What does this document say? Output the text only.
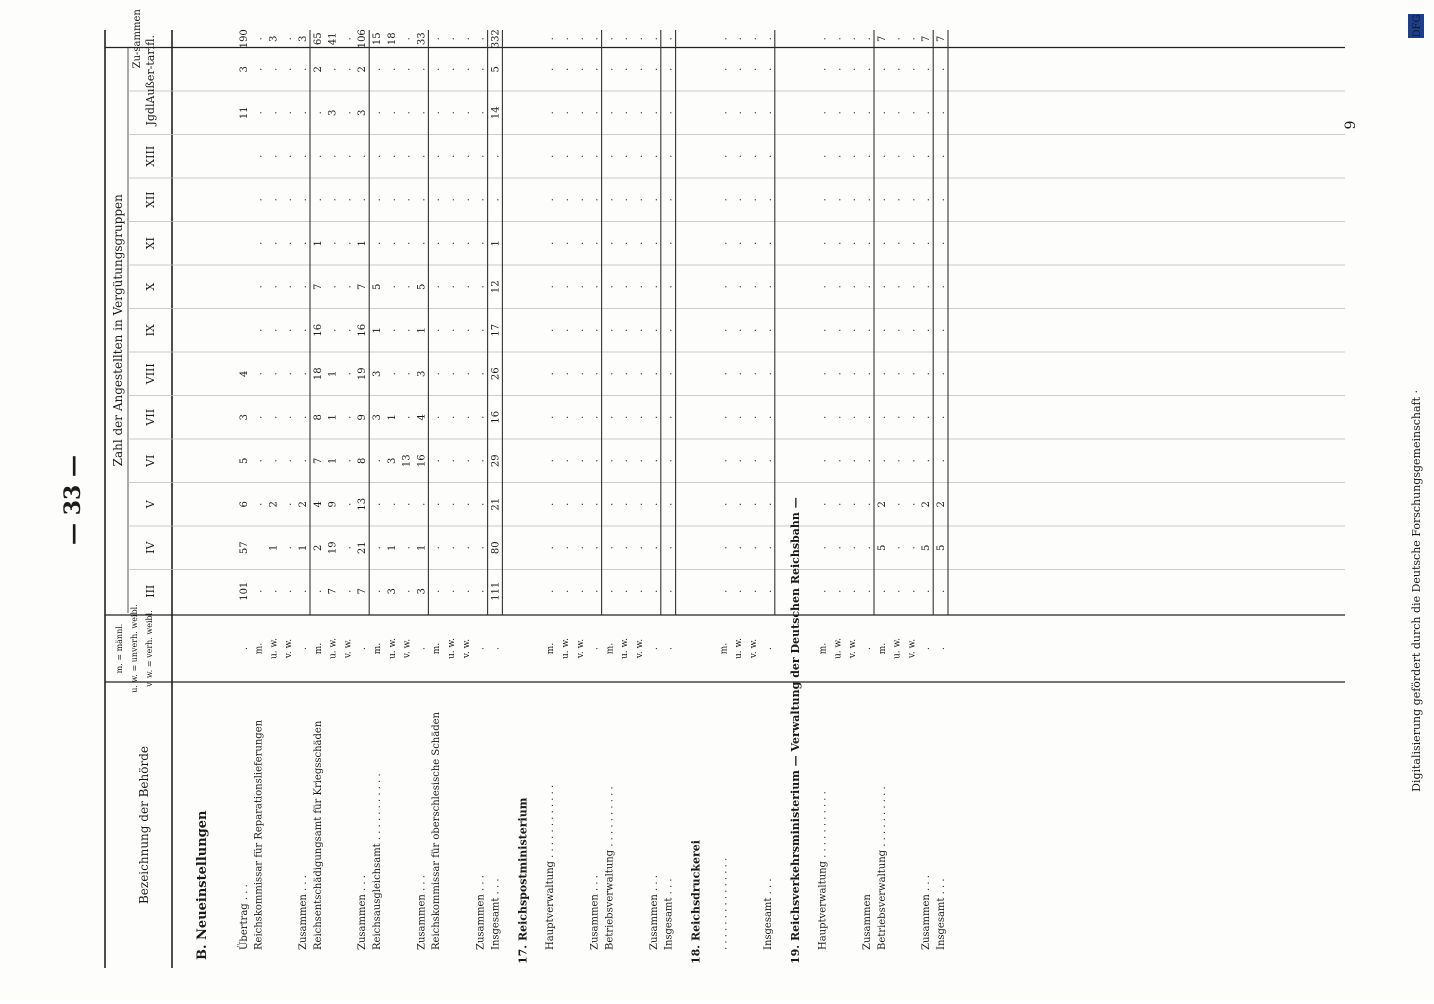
— 33 —
Bezeichnung der Behörde
m. = männl. u. w. = unverh. weibl. v. w. = verh. weibl.
Zahl der Angestellten in Vergütungsgruppen
III
IV
V
VI
VII
VIII
IX
X
XI
XII
XIII
Jgdl.
Außer-tarifl.
Zu-sammen
B. Neueinstellungen	Übertrag . . .
.
101
57
6
5
3
4
11
3
190
Reichskommissar für Reparationslieferungen
m.
.
.
.
.
.
.
.
.
.
.
.
.
.
u. w.
.
1
2
.
.
.
.
.
.
.
.
.
.
3
v. w.
.
.
.
.
.
.
.
.
.
.
.
.
.
.
Zusammen . . .
.
.
1
2
.
.
.
.
.
.
.
.
.
.
3
Reichsentschädigungsamt für Kriegsschäden
m.
.
2
4
7
8
18
16
7
1
.
.
.
2
65
u. w.
7
19
9
1
1
1
.
.
.
.
.
3
.
41
v. w.
.
.
.
.
.
.
.
.
.
.
.
.
.
.
Zusammen . . .
.
7
21
13
8
9
19
16
7
1
.
.
3
2
106
Reichsausgleichsamt . . . . . . . . . . .
m.
.
.
.
.
3
3
1
5
.
.
.
.
.
15
u. w.
3
1
.
3
1
.
.
.
.
.
.
.
.
18
v. w.
.
.
.
13
.
.
.
.
.
.
.
.
.
.
Zusammen . . .
.
3
1
.
16
4
3
1
5
.
.
.
.
.
33
Reichskommissar für oberschlesische Schäden
m.
.
.
.
.
.
.
.
.
.
.
.
.
.
.
u. w.
.
.
.
.
.
.
.
.
.
.
.
.
.
.
v. w.
.
.
.
.
.
.
.
.
.
.
.
.
.
.
Zusammen . . .
.
.
.
.
.
.
.
.
.
.
.
.
.
.
.
Insgesamt . . .
.
111
80
21
29
16
26
17
12
1
.
.
14
5
332
17. Reichspostministerium Hauptverwaltung . . . . . . . . . . . .
m.
.
.
.
.
.
.
.
.
.
.
.
.
.
.
u. w.
.
.
.
.
.
.
.
.
.
.
.
.
.
.
v. w.
.
.
.
.
.
.
.
.
.
.
.
.
.
.
Zusammen . . .
.
.
.
.
.
.
.
.
.
.
.
.
.
.
.
Betriebsverwaltung . . . . . . . . . .
m.
.
.
.
.
.
.
.
.
.
.
.
.
.
.
u. w.
.
.
.
.
.
.
.
.
.
.
.
.
.
.
v. w.
.
.
.
.
.
.
.
.
.
.
.
.
.
.
Zusammen . . .
.
.
.
.
.
.
.
.
.
.
.
.
.
.
.
Insgesamt . . .
.
.
.
.
.
.
.
.
.
.
.
.
.
.
.
18. Reichsdruckerei . . . . . . . . . . . . . . .
m.
.
.
.
.
.
.
.
.
.
.
.
.
.
.
u. w.
.
.
.
.
.
.
.
.
.
.
.
.
.
.
v. w.
.
.
.
.
.
.
.
.
.
.
.
.
.
.
Insgesamt . . .
.
.
.
.
.
.
.
.
.
.
.
.
.
.
.
19. Reichsverkehrsministerium — Verwaltung der Deutschen Reichsbahn — Hauptverwaltung . . . . . . . . . . .
m.
.
.
.
.
.
.
.
.
.
.
.
.
.
.
u. w.
.
.
.
.
.
.
.
.
.
.
.
.
.
.
v. w.
.
.
.
.
.
.
.
.
.
.
.
.
.
.
Zusammen
.
.
.
.
.
.
.
.
.
.
.
.
.
.
.
Betriebsverwaltung . . . . . . . . . .
m.
.
5
2
.
.
.
.
.
.
.
.
.
.
7
u. w.
.
.
.
.
.
.
.
.
.
.
.
.
.
.
v. w.
.
.
.
.
.
.
.
.
.
.
.
.
.
.
Zusammen . . .
.
.
5
2
.
.
.
.
.
.
.
.
.
.
7
Insgesamt . . .
.
.
5
2
.
.
.
.
.
.
.
.
.
.
7
9
Digitalisierung gefördert durch die Deutsche Forschungsgemeinschaft ·
DFG
